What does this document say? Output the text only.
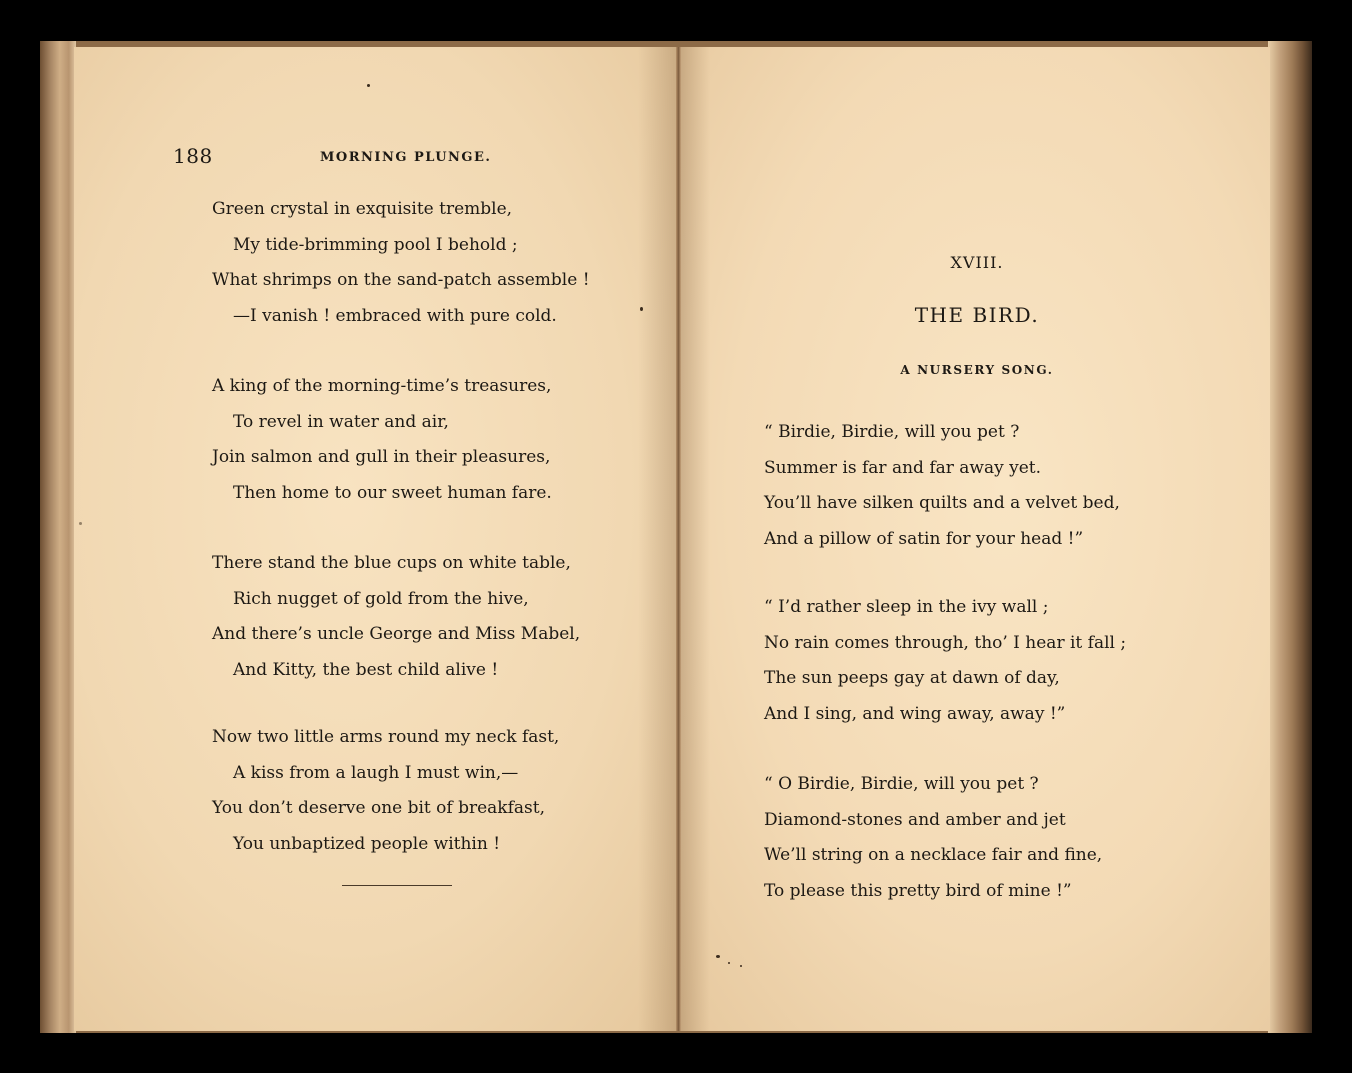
188	MORNING PLUNGE.
Green crystal in exquisite tremble,
My tide-brimming pool I behold ;
What shrimps on the sand-patch assemble !
—I vanish ! embraced with pure cold.
A king of the morning-time’s treasures,
To revel in water and air,
Join salmon and gull in their pleasures,
Then home to our sweet human fare.
There stand the blue cups on white table,
Rich nugget of gold from the hive,
And there’s uncle George and Miss Mabel,
And Kitty, the best child alive !
Now two little arms round my neck fast,
A kiss from a laugh I must win,—
You don’t deserve one bit of breakfast,
You unbaptized people within !
XVIII.
THE BIRD.
A NURSERY SONG.
“ Birdie, Birdie, will you pet ?
Summer is far and far away yet.
You’ll have silken quilts and a velvet bed,
And a pillow of satin for your head !”
“ I’d rather sleep in the ivy wall ;
No rain comes through, tho’ I hear it fall ;
The sun peeps gay at dawn of day,
And I sing, and wing away, away !”
“ O Birdie, Birdie, will you pet ?
Diamond-stones and amber and jet
We’ll string on a necklace fair and fine,
To please this pretty bird of mine !”
